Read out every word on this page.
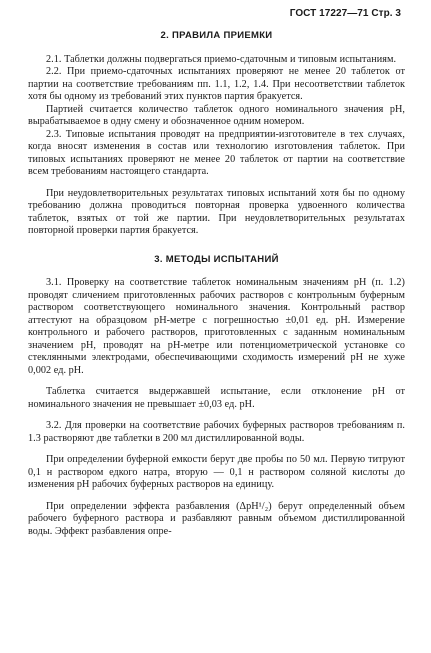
ГОСТ 17227—71 Стр. 3
2. ПРАВИЛА ПРИЕМКИ

2.1. Таблетки должны подвергаться приемо-сдаточным и типовым испытаниям.

2.2. При приемо-сдаточных испытаниях проверяют не менее 20 таблеток от партии на соответствие требованиям пп. 1.1, 1.2, 1.4. При несоответствии таблеток хотя бы одному из требований этих пунктов партия бракуется.

Партией считается количество таблеток одного номинального значения pH, вырабатываемое в одну смену и обозначенное одним номером.

2.3. Типовые испытания проводят на предприятии-изготовителе в тех случаях, когда вносят изменения в состав или технологию изготовления таблеток. При типовых испытаниях проверяют не менее 20 таблеток от партии на соответствие всем требованиям настоящего стандарта.

При неудовлетворительных результатах типовых испытаний хотя бы по одному требованию должна проводиться повторная проверка удвоенного количества таблеток, взятых от той же партии. При неудовлетворительных результатах повторной проверки партия бракуется.

3. МЕТОДЫ ИСПЫТАНИЙ

3.1. Проверку на соответствие таблеток номинальным значениям pH (п. 1.2) проводят сличением приготовленных рабочих растворов с контрольным буферным раствором соответствующего номинального значения. Контрольный раствор аттестуют на образцовом pH-метре с погрешностью ±0,01 ед. pH. Измерение контрольного и рабочего растворов, приготовленных с заданным номинальным значением pH, проводят на pH-метре или потенциометрической установке со стеклянными электродами, обеспечивающими сходимость измерений pH не хуже 0,002 ед. pH.

Таблетка считается выдержавшей испытание, если отклонение pH от номинального значения не превышает ±0,03 ед. pH.

3.2. Для проверки на соответствие рабочих буферных растворов требованиям п. 1.3 растворяют две таблетки в 200 мл дистиллированной воды.

При определении буферной емкости берут две пробы по 50 мл. Первую титруют 0,1 н раствором едкого натра, вторую — 0,1 н раствором соляной кислоты до изменения pH рабочих буферных растворов на единицу.

При определении эффекта разбавления (ΔpH¹/₂) берут определенный объем рабочего буферного раствора и разбавляют равным объемом дистиллированной воды. Эффект разбавления опре-
